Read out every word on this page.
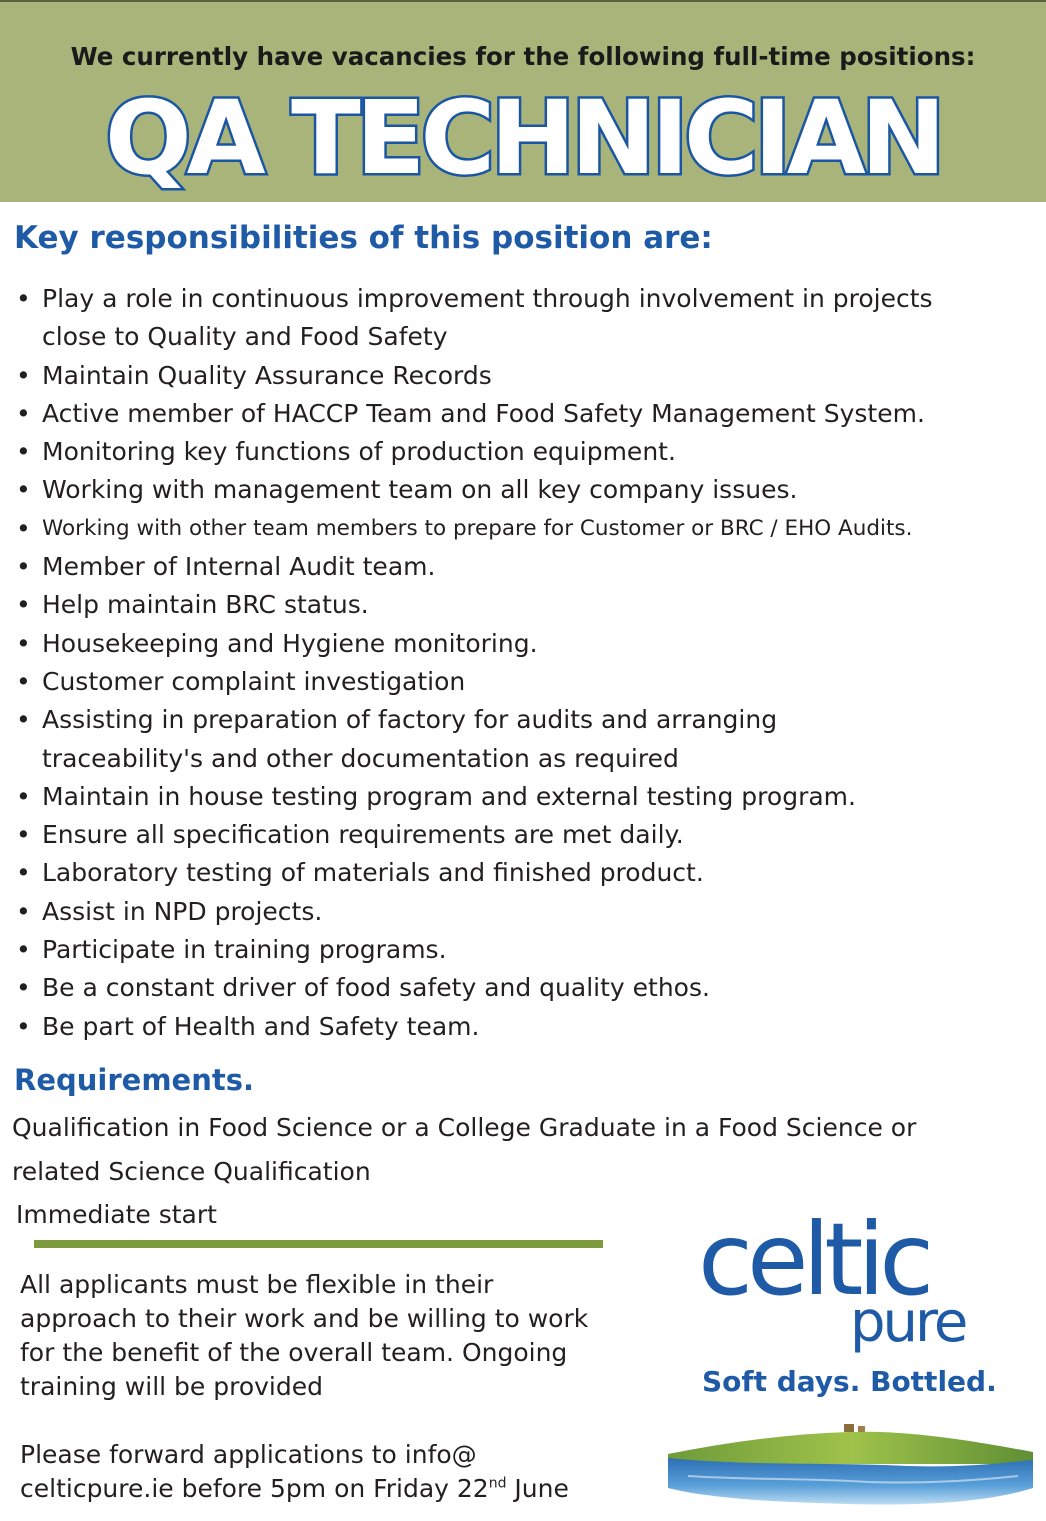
We currently have vacancies for the following full-time positions:
QA TECHNICIAN
Key responsibilities of this position are:
• Play a role in continuous improvement through involvement in projects
close to Quality and Food Safety
• Maintain Quality Assurance Records
• Active member of HACCP Team and Food Safety Management System.
• Monitoring key functions of production equipment.
• Working with management team on all key company issues.
• Working with other team members to prepare for Customer or BRC / EHO Audits.
• Member of Internal Audit team.
• Help maintain BRC status.
• Housekeeping and Hygiene monitoring.
• Customer complaint investigation
• Assisting in preparation of factory for audits and arranging
traceability's and other documentation as required
• Maintain in house testing program and external testing program.
• Ensure all specification requirements are met daily.
• Laboratory testing of materials and finished product.
• Assist in NPD projects.
• Participate in training programs.
• Be a constant driver of food safety and quality ethos.
• Be part of Health and Safety team.
Requirements.
Qualification in Food Science or a College Graduate in a Food Science or
related Science Qualification
Immediate start
All applicants must be flexible in their
approach to their work and be willing to work
for the benefit of the overall team. Ongoing
training will be provided
Please forward applications to info@
celticpure.ie before 5pm on Friday 22nd June
celtic
pure
Soft days. Bottled.
